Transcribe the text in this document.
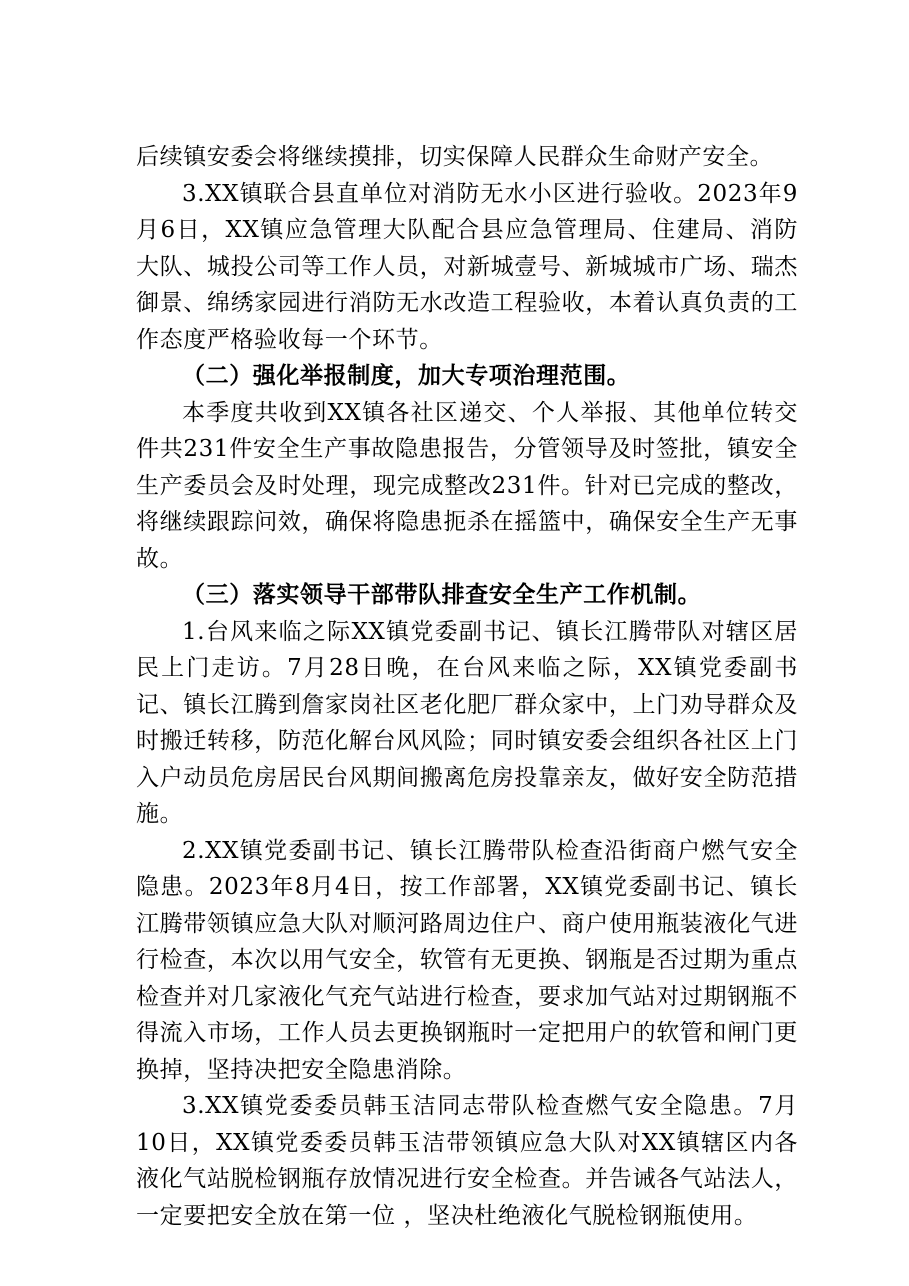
后续镇安委会将继续摸排，切实保障人民群众生命财产安全。

3.XX镇联合县直单位对消防无水小区进行验收。2023年9月6日，XX镇应急管理大队配合县应急管理局、住建局、消防大队、城投公司等工作人员，对新城壹号、新城城市广场、瑞杰御景、绵绣家园进行消防无水改造工程验收，本着认真负责的工作态度严格验收每一个环节。

（二）强化举报制度，加大专项治理范围。

本季度共收到XX镇各社区递交、个人举报、其他单位转交件共231件安全生产事故隐患报告，分管领导及时签批，镇安全生产委员会及时处理，现完成整改231件。针对已完成的整改，将继续跟踪问效，确保将隐患扼杀在摇篮中，确保安全生产无事故。

（三）落实领导干部带队排查安全生产工作机制。

1.台风来临之际XX镇党委副书记、镇长江腾带队对辖区居民上门走访。7月28日晚，在台风来临之际，XX镇党委副书记、镇长江腾到詹家岗社区老化肥厂群众家中，上门劝导群众及时搬迁转移，防范化解台风风险；同时镇安委会组织各社区上门入户动员危房居民台风期间搬离危房投靠亲友，做好安全防范措施。

2.XX镇党委副书记、镇长江腾带队检查沿街商户燃气安全隐患。2023年8月4日，按工作部署，XX镇党委副书记、镇长江腾带领镇应急大队对顺河路周边住户、商户使用瓶装液化气进行检查，本次以用气安全，软管有无更换、钢瓶是否过期为重点检查并对几家液化气充气站进行检查，要求加气站对过期钢瓶不得流入市场，工作人员去更换钢瓶时一定把用户的软管和闸门更换掉，坚持决把安全隐患消除。

3.XX镇党委委员韩玉洁同志带队检查燃气安全隐患。7月10日，XX镇党委委员韩玉洁带领镇应急大队对XX镇辖区内各液化气站脱检钢瓶存放情况进行安全检查。并告诫各气站法人，一定要把安全放在第一位 ，坚决杜绝液化气脱检钢瓶使用。
